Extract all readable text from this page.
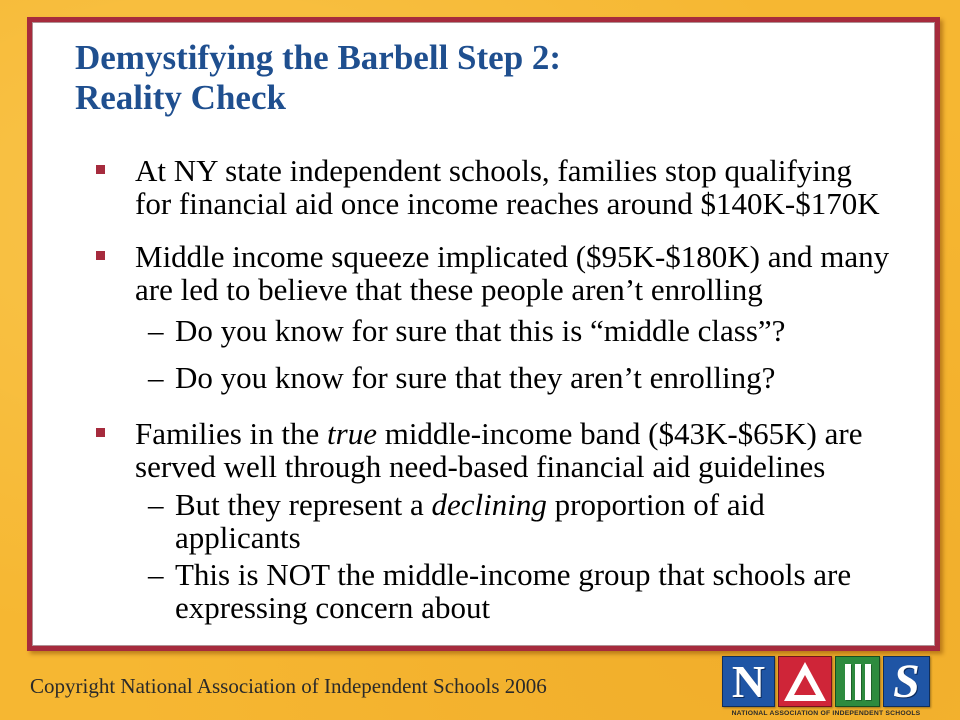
Demystifying the Barbell Step 2:
Reality Check
At NY state independent schools, families stop qualifying
for financial aid once income reaches around $140K-$170K
Middle income squeeze implicated ($95K-$180K) and many
are led to believe that these people aren’t enrolling
– Do you know for sure that this is “middle class”?
– Do you know for sure that they aren’t enrolling?
Families in the true middle-income band ($43K-$65K) are
served well through need-based financial aid guidelines
– But they represent a declining proportion of aid
applicants
– This is NOT the middle-income group that schools are
expressing concern about
Copyright National Association of Independent Schools 2006	N	S
NATIONAL ASSOCIATION OF INDEPENDENT SCHOOLS
